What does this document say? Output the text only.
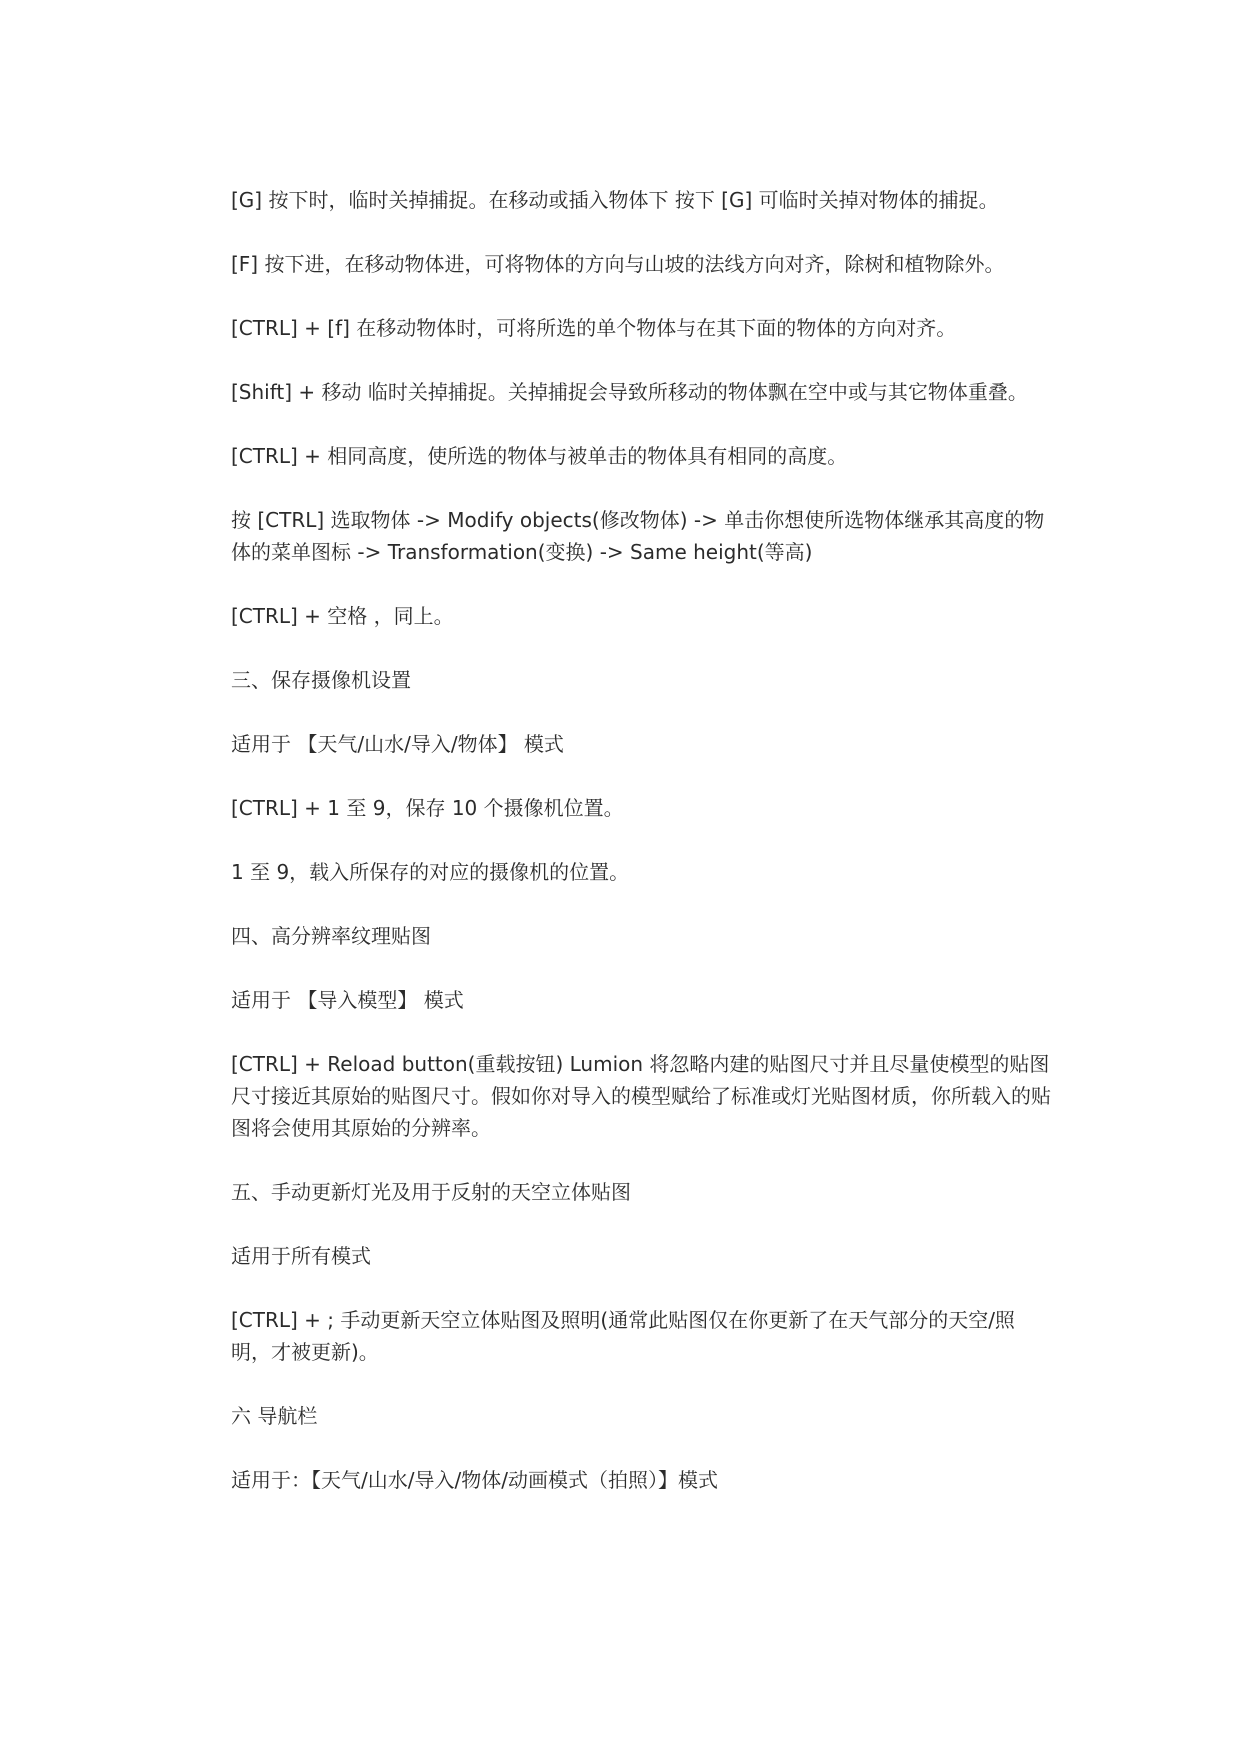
[G] 按下时，临时关掉捕捉。在移动或插入物体下 按下 [G] 可临时关掉对物体的捕捉。

[F] 按下进，在移动物体进，可将物体的方向与山坡的法线方向对齐，除树和植物除外。

[CTRL] + [f] 在移动物体时，可将所选的单个物体与在其下面的物体的方向对齐。

[Shift] + 移动 临时关掉捕捉。关掉捕捉会导致所移动的物体飘在空中或与其它物体重叠。

[CTRL] + 相同高度，使所选的物体与被单击的物体具有相同的高度。

按 [CTRL] 选取物体 -> Modify objects(修改物体) -> 单击你想使所选物体继承其高度的物体的菜单图标 -> Transformation(变换) -> Same height(等高)

[CTRL] + 空格 ，同上。

三、保存摄像机设置

适用于 【天气/山水/导入/物体】 模式

[CTRL] + 1 至 9，保存 10 个摄像机位置。

1 至 9，载入所保存的对应的摄像机的位置。

四、高分辨率纹理贴图

适用于 【导入模型】 模式

[CTRL] + Reload button(重载按钮) Lumion 将忽略内建的贴图尺寸并且尽量使模型的贴图尺寸接近其原始的贴图尺寸。假如你对导入的模型赋给了标准或灯光贴图材质，你所载入的贴图将会使用其原始的分辨率。

五、手动更新灯光及用于反射的天空立体贴图

适用于所有模式

[CTRL] + ; 手动更新天空立体贴图及照明(通常此贴图仅在你更新了在天气部分的天空/照明，才被更新)。

六 导航栏

适用于：【天气/山水/导入/物体/动画模式（拍照）】模式
